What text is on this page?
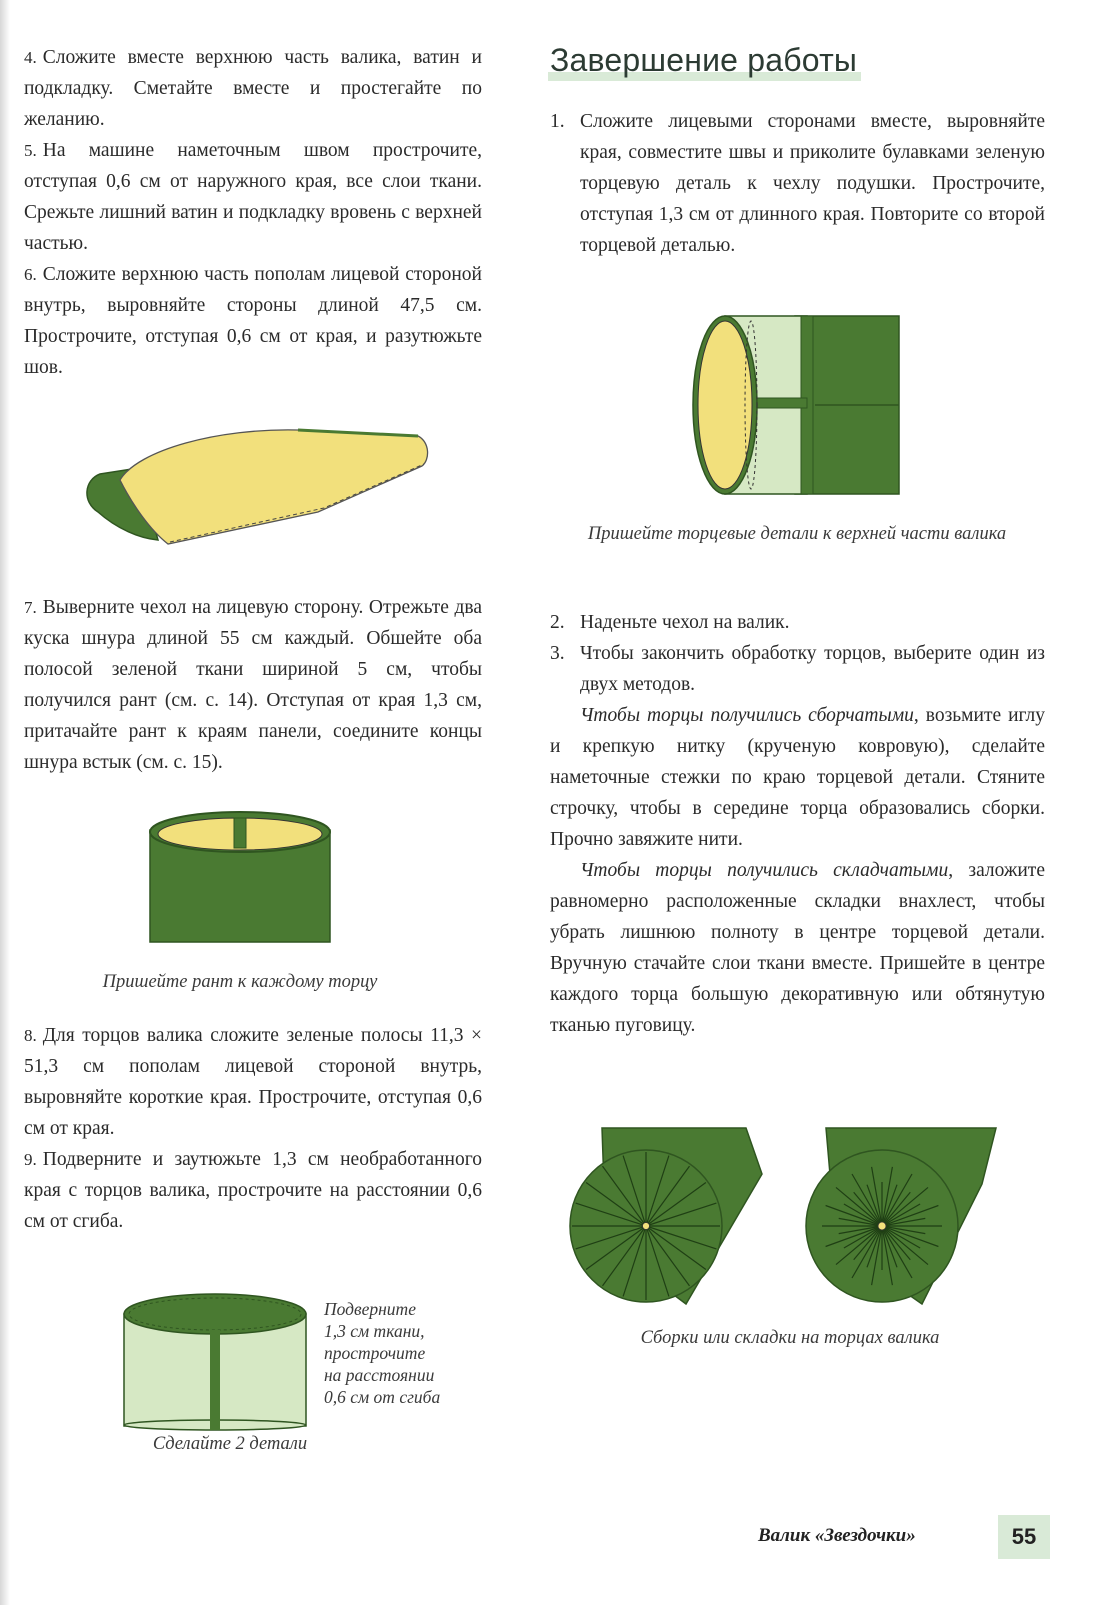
4. Сложите вместе верхнюю часть валика, ватин и подкладку. Сметайте вместе и простегайте по желанию.
5. На машине наметочным швом прострочите, отступая 0,6 см от наружного края, все слои ткани. Срежьте лишний ватин и подкладку вровень с верхней частью.
6. Сложите верхнюю часть пополам лицевой стороной внутрь, выровняйте стороны длиной 47,5 см. Прострочите, отступая 0,6 см от края, и разутюжьте шов.
7. Выверните чехол на лицевую сторону. Отрежьте два куска шнура длиной 55 см каждый. Обшейте оба полосой зеленой ткани шириной 5 см, чтобы получился рант (см. с. 14). Отступая от края 1,3 см, притачайте рант к краям панели, соедините концы шнура встык (см. с. 15).
Пришейте рант к каждому торцу
8. Для торцов валика сложите зеленые полосы 11,3 × 51,3 см пополам лицевой стороной внутрь, выровняйте короткие края. Прострочите, отступая 0,6 см от края.
9. Подверните и заутюжьте 1,3 см необработанного края с торцов валика, прострочите на расстоянии 0,6 см от сгиба.
Подверните
1,3 см ткани,
прострочите
на расстоянии
0,6 см от сгиба
Сделайте 2 детали
Завершение работы
1. Сложите лицевыми сторонами вместе, выровняйте края, совместите швы и приколите булавками зеленую торцевую деталь к чехлу подушки. Прострочите, отступая 1,3 см от длинного края. Повторите со второй торцевой деталью.
Пришейте торцевые детали к верхней части валика
2. Наденьте чехол на валик.
3. Чтобы закончить обработку торцов, выберите один из двух методов.

Чтобы торцы получились сборчатыми, возьмите иглу и крепкую нитку (крученую ковровую), сделайте наметочные стежки по краю торцевой детали. Стяните строчку, чтобы в середине торца образовались сборки. Прочно завяжите нити.

Чтобы торцы получились складчатыми, заложите равномерно расположенные складки внахлест, чтобы убрать лишнюю полноту в центре торцевой детали. Вручную стачайте слои ткани вместе. Пришейте в центре каждого торца большую декоративную или обтянутую тканью пуговицу.

Сборки или складки на торцах валика
Валик «Звездочки»	55
